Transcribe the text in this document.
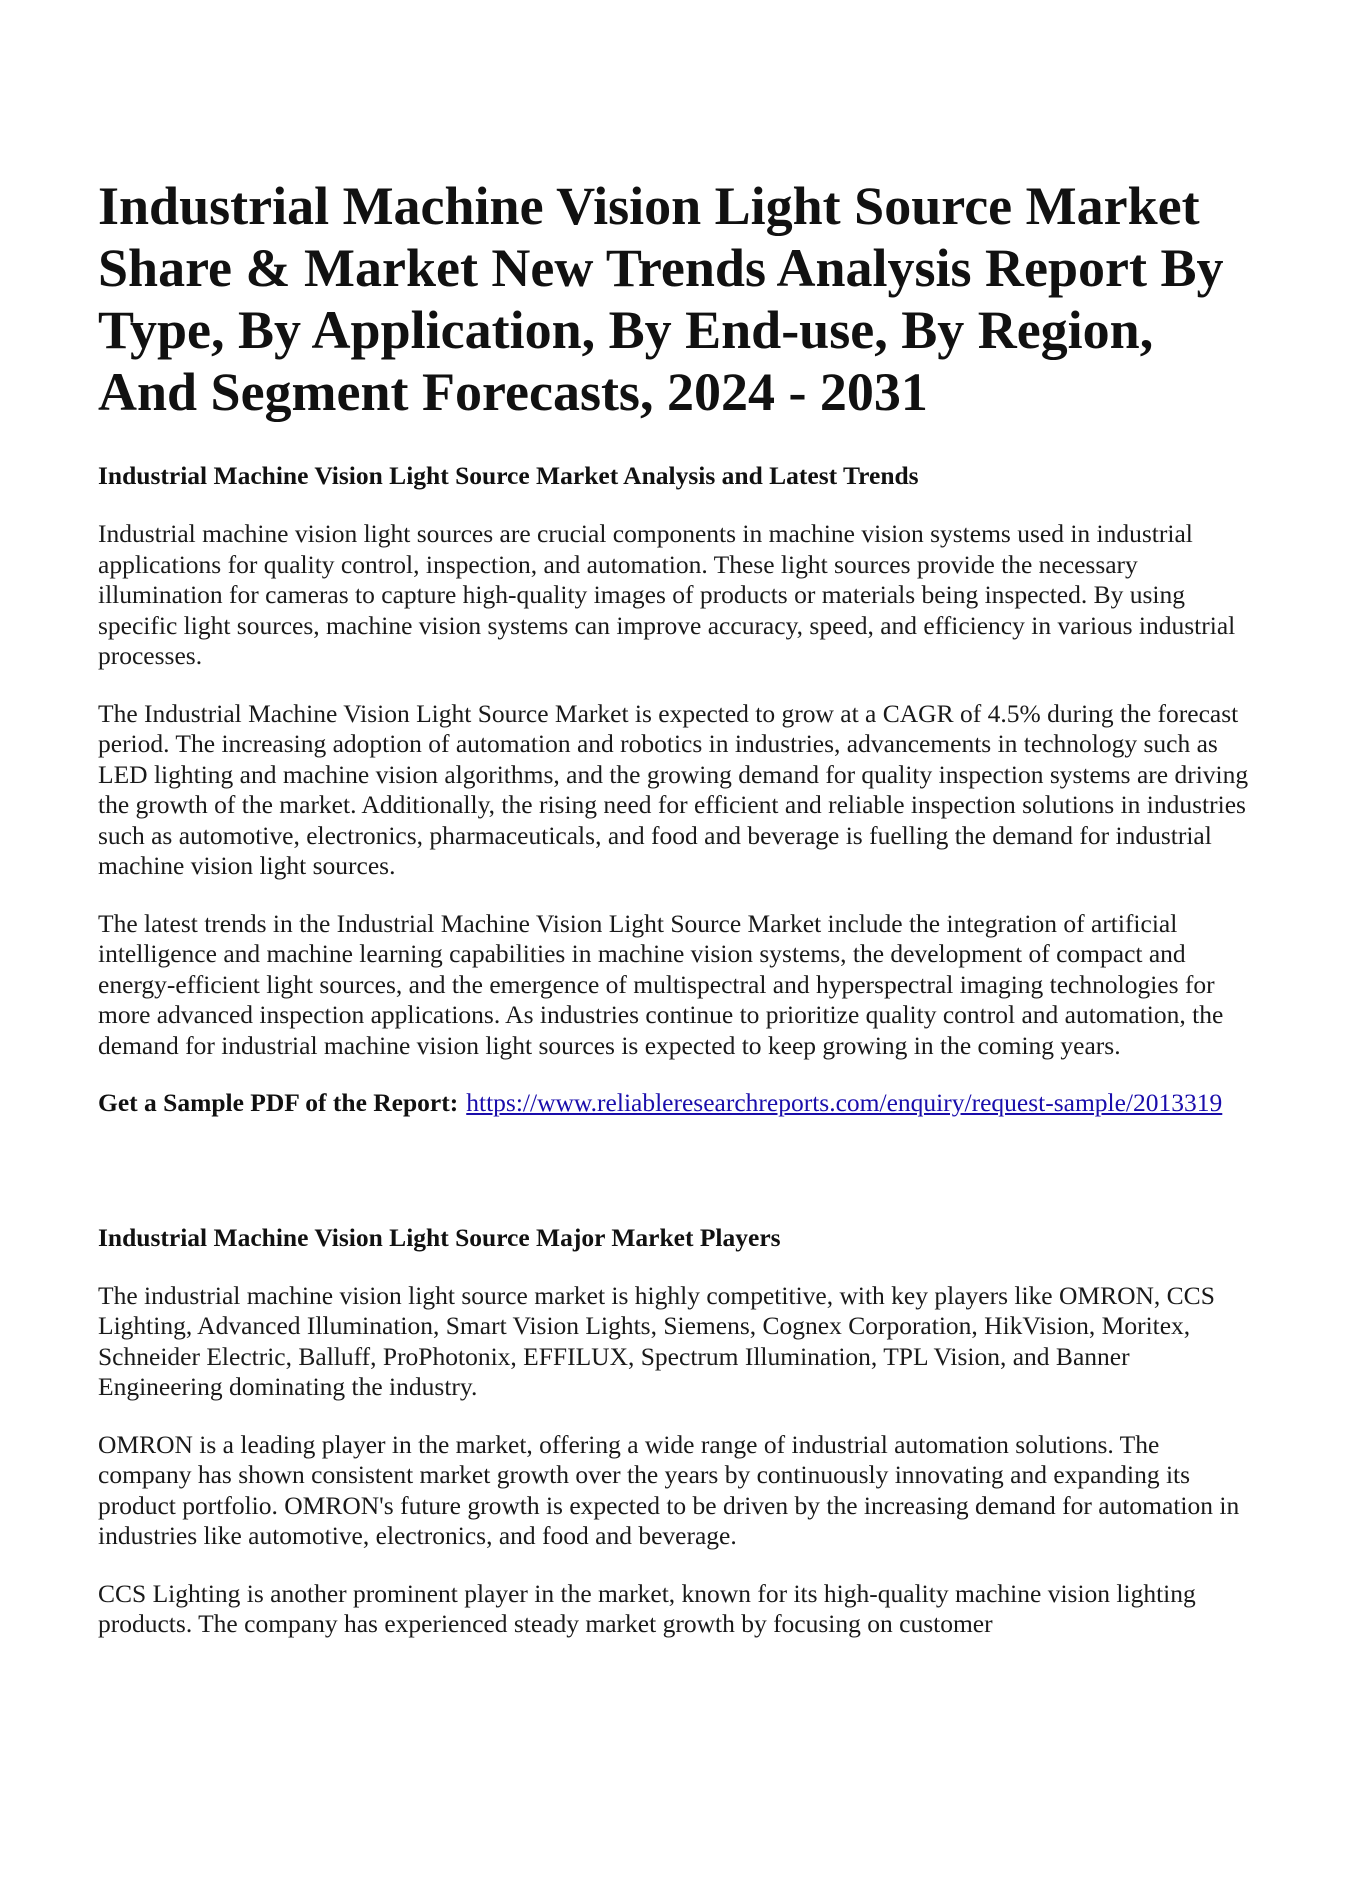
Industrial Machine Vision Light Source Market Share & Market New Trends Analysis Report By Type, By Application, By End-use, By Region, And Segment Forecasts, 2024 - 2031
Industrial Machine Vision Light Source Market Analysis and Latest Trends

Industrial machine vision light sources are crucial components in machine vision systems used in industrial applications for quality control, inspection, and automation. These light sources provide the necessary illumination for cameras to capture high-quality images of products or materials being inspected. By using specific light sources, machine vision systems can improve accuracy, speed, and efficiency in various industrial processes.

The Industrial Machine Vision Light Source Market is expected to grow at a CAGR of 4.5% during the forecast period. The increasing adoption of automation and robotics in industries, advancements in technology such as LED lighting and machine vision algorithms, and the growing demand for quality inspection systems are driving the growth of the market. Additionally, the rising need for efficient and reliable inspection solutions in industries such as automotive, electronics, pharmaceuticals, and food and beverage is fuelling the demand for industrial machine vision light sources.

The latest trends in the Industrial Machine Vision Light Source Market include the integration of artificial intelligence and machine learning capabilities in machine vision systems, the development of compact and energy-efficient light sources, and the emergence of multispectral and hyperspectral imaging technologies for more advanced inspection applications. As industries continue to prioritize quality control and automation, the demand for industrial machine vision light sources is expected to keep growing in the coming years.

Get a Sample PDF of the Report: https://www.reliableresearchreports.com/enquiry/request-sample/2013319

Industrial Machine Vision Light Source Major Market Players

The industrial machine vision light source market is highly competitive, with key players like OMRON, CCS Lighting, Advanced Illumination, Smart Vision Lights, Siemens, Cognex Corporation, HikVision, Moritex, Schneider Electric, Balluff, ProPhotonix, EFFILUX, Spectrum Illumination, TPL Vision, and Banner Engineering dominating the industry.

OMRON is a leading player in the market, offering a wide range of industrial automation solutions. The company has shown consistent market growth over the years by continuously innovating and expanding its product portfolio. OMRON's future growth is expected to be driven by the increasing demand for automation in industries like automotive, electronics, and food and beverage.

CCS Lighting is another prominent player in the market, known for its high-quality machine vision lighting products. The company has experienced steady market growth by focusing on customer
